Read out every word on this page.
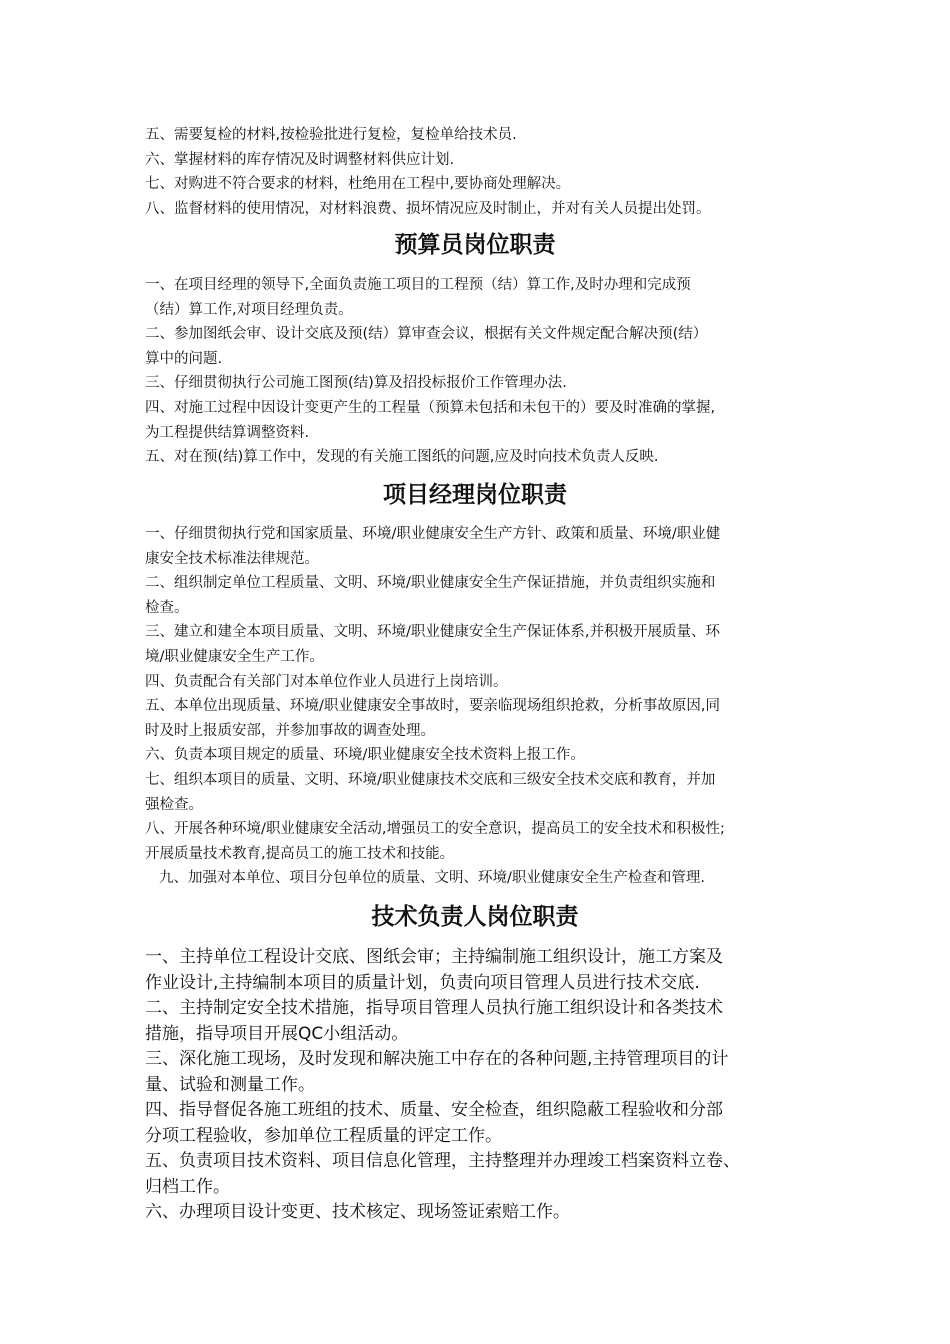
五、需要复检的材料,按检验批进行复检，复检单给技术员.

六、掌握材料的库存情况及时调整材料供应计划.

七、对购进不符合要求的材料，杜绝用在工程中,要协商处理解决。

八、监督材料的使用情况，对材料浪费、损坏情况应及时制止，并对有关人员提出处罚。

预算员岗位职责

一、在项目经理的领导下,全面负责施工项目的工程预（结）算工作,及时办理和完成预

（结）算工作,对项目经理负责。

二、参加图纸会审、设计交底及预(结）算审查会议，根据有关文件规定配合解决预(结）

算中的问题.

三、仔细贯彻执行公司施工图预(结)算及招投标报价工作管理办法.

四、对施工过程中因设计变更产生的工程量（预算未包括和未包干的）要及时准确的掌握,

为工程提供结算调整资料.

五、对在预(结)算工作中，发现的有关施工图纸的问题,应及时向技术负责人反映.

项目经理岗位职责

一、仔细贯彻执行党和国家质量、环境/职业健康安全生产方针、政策和质量、环境/职业健

康安全技术标准法律规范。

二、组织制定单位工程质量、文明、环境/职业健康安全生产保证措施，并负责组织实施和

检查。

三、建立和建全本项目质量、文明、环境/职业健康安全生产保证体系,并积极开展质量、环

境/职业健康安全生产工作。

四、负责配合有关部门对本单位作业人员进行上岗培训。

五、本单位出现质量、环境/职业健康安全事故时，要亲临现场组织抢救，分析事故原因,同

时及时上报质安部，并参加事故的调查处理。

六、负责本项目规定的质量、环境/职业健康安全技术资料上报工作。

七、组织本项目的质量、文明、环境/职业健康技术交底和三级安全技术交底和教育，并加

强检查。

八、开展各种环境/职业健康安全活动,增强员工的安全意识，提高员工的安全技术和积极性;

开展质量技术教育,提高员工的施工技术和技能。

九、加强对本单位、项目分包单位的质量、文明、环境/职业健康安全生产检查和管理.

技术负责人岗位职责

一、主持单位工程设计交底、图纸会审；主持编制施工组织设计，施工方案及

作业设计,主持编制本项目的质量计划，负责向项目管理人员进行技术交底.

二、主持制定安全技术措施，指导项目管理人员执行施工组织设计和各类技术

措施，指导项目开展QC小组活动。

三、深化施工现场，及时发现和解决施工中存在的各种问题,主持管理项目的计

量、试验和测量工作。

四、指导督促各施工班组的技术、质量、安全检查，组织隐蔽工程验收和分部

分项工程验收，参加单位工程质量的评定工作。

五、负责项目技术资料、项目信息化管理，主持整理并办理竣工档案资料立卷、

归档工作。

六、办理项目设计变更、技术核定、现场签证索赔工作。
